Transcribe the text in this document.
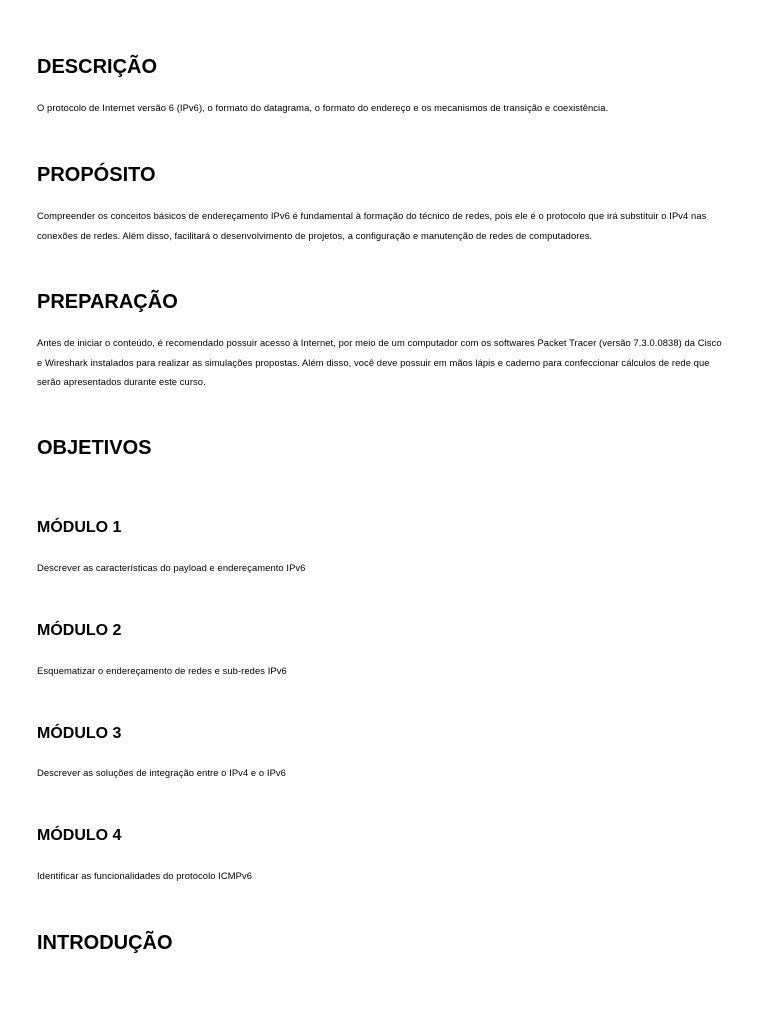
DESCRIÇÃO

O protocolo de Internet versão 6 (IPv6), o formato do datagrama, o formato do endereço e os mecanismos de transição e coexistência.

PROPÓSITO

Compreender os conceitos básicos de endereçamento IPv6 é fundamental à formação do técnico de redes, pois ele é o protocolo que irá substituir o IPv4 nas conexões de redes. Além disso, facilitará o desenvolvimento de projetos, a configuração e manutenção de redes de computadores.

PREPARAÇÃO

Antes de iniciar o conteúdo, é recomendado possuir acesso à Internet, por meio de um computador com os softwares Packet Tracer (versão 7.3.0.0838) da Cisco e Wireshark instalados para realizar as simulações propostas. Além disso, você deve possuir em mãos lápis e caderno para confeccionar cálculos de rede que serão apresentados durante este curso.

OBJETIVOS
MÓDULO 1

Descrever as características do payload e endereçamento IPv6

MÓDULO 2

Esquematizar o endereçamento de redes e sub-redes IPv6

MÓDULO 3

Descrever as soluções de integração entre o IPv4 e o IPv6

MÓDULO 4

Identificar as funcionalidades do protocolo ICMPv6

INTRODUÇÃO
